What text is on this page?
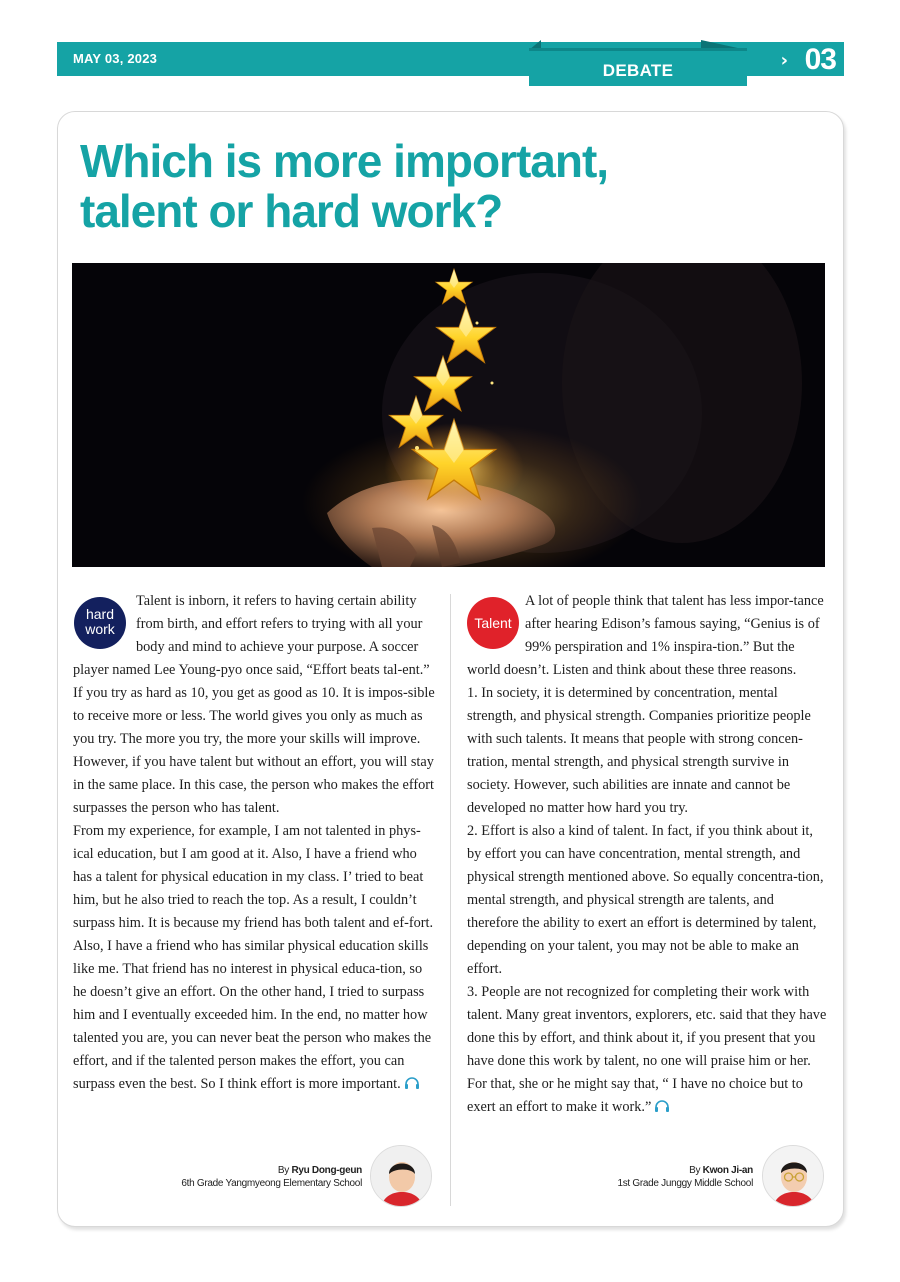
MAY 03, 2023	› 03
DEBATE
Which is more important,
talent or hard work?
hard
work	Talent

Talent is inborn, it refers to having certain ability from birth, and effort refers to trying with all your body and mind to achieve your purpose. A soccer player named Lee Young-pyo once said, “Effort beats tal-ent.”

If you try as hard as 10, you get as good as 10. It is impos-sible to receive more or less. The world gives you only as much as you try. The more you try, the more your skills will improve. However, if you have talent but without an effort, you will stay in the same place. In this case, the person who makes the effort surpasses the person who has talent.

From my experience, for example, I am not talented in phys-ical education, but I am good at it. Also, I have a friend who has a talent for physical education in my class. I’ tried to beat him, but he also tried to reach the top. As a result, I couldn’t surpass him. It is because my friend has both talent and ef-fort. Also, I have a friend who has similar physical education skills like me. That friend has no interest in physical educa-tion, so he doesn’t give an effort. On the other hand, I tried to surpass him and I eventually exceeded him. In the end, no matter how talented you are, you can never beat the person who makes the effort, and if the talented person makes the effort, you can surpass even the best. So I think effort is more important.

A lot of people think that talent has less impor-tance after hearing Edison’s famous saying, “Genius is of 99% perspiration and 1% inspira-tion.” But the world doesn’t. Listen and think about these three reasons.

1. In society, it is determined by concentration, mental strength, and physical strength. Companies prioritize people with such talents. It means that people with strong concen-tration, mental strength, and physical strength survive in society. However, such abilities are innate and cannot be developed no matter how hard you try.

2. Effort is also a kind of talent. In fact, if you think about it, by effort you can have concentration, mental strength, and physical strength mentioned above. So equally concentra-tion, mental strength, and physical strength are talents, and therefore the ability to exert an effort is determined by talent, depending on your talent, you may not be able to make an effort.

3. People are not recognized for completing their work with talent. Many great inventors, explorers, etc. said that they have done this by effort, and think about it, if you present that you have done this work by talent, no one will praise him or her. For that, she or he might say that, “ I have no choice but to exert an effort to make it work.”

By Ryu Dong-geun
6th Grade Yangmyeong Elementary School
By Kwon Ji-an
1st Grade Junggy Middle School
